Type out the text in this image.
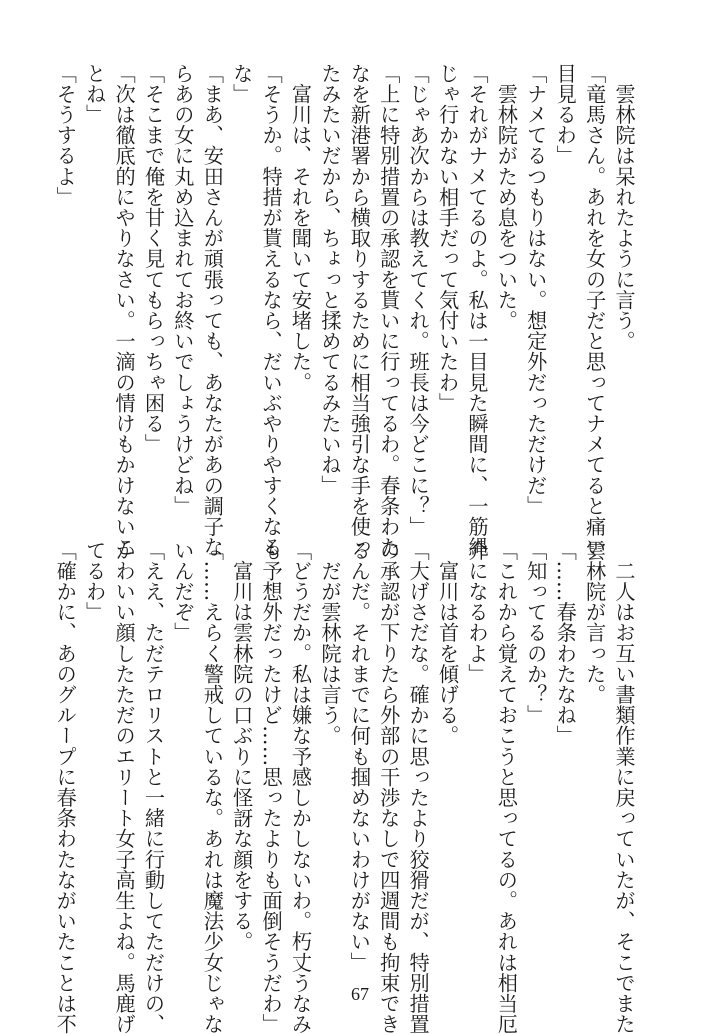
　雲林院は呆れたように言う。
「竜馬さん。あれを女の子だと思ってナメてると痛い
目見るわ」
「ナメてるつもりはない。想定外だっただけだ」
　雲林院がため息をついた。
「それがナメてるのよ。私は一目見た瞬間に、一筋縄
じゃ行かない相手だって気付いたわ」
「じゃあ次からは教えてくれ。班長は今どこに？」
「上に特別措置の承認を貰いに行ってるわ。春条わた
なを新港署から横取りするために相当強引な手を使っ
たみたいだから、ちょっと揉めてるみたいね」
　富川は、それを聞いて安堵した。
「そうか。特措が貰えるなら、だいぶやりやすくなる
な」
「まあ、安田さんが頑張っても、あなたがあの調子な
らあの女に丸め込まれてお終いでしょうけどね」
「そこまで俺を甘く見てもらっちゃ困る」
「次は徹底的にやりなさい。一滴の情けもかけないこ
とね」
「そうするよ」
　二人はお互い書類作業に戻っていたが、そこでまた
雲林院が言った。
「……春条わたなね」
「知ってるのか？」
「これから覚えておこうと思ってるの。あれは相当厄
介になるわよ」
　富川は首を傾げる。
「大げさだな。確かに思ったより狡猾だが、特別措置
の承認が下りたら外部の干渉なしで四週間も拘束でき
るんだ。それまでに何も掴めないわけがない」
　だが雲林院は言う。
「どうだか。私は嫌な予感しかしないわ。朽丈うなみ
も予想外だったけど……思ったよりも面倒そうだわ」
　富川は雲林院の口ぶりに怪訝な顔をする。
「……えらく警戒しているな。あれは魔法少女じゃな
いんだぞ」
「ええ、ただテロリストと一緒に行動してただけの、
かわいい顔したただのエリート女子高生よね。馬鹿げ
てるわ」
「確かに、あのグループに春条わたながいたことは不	67
